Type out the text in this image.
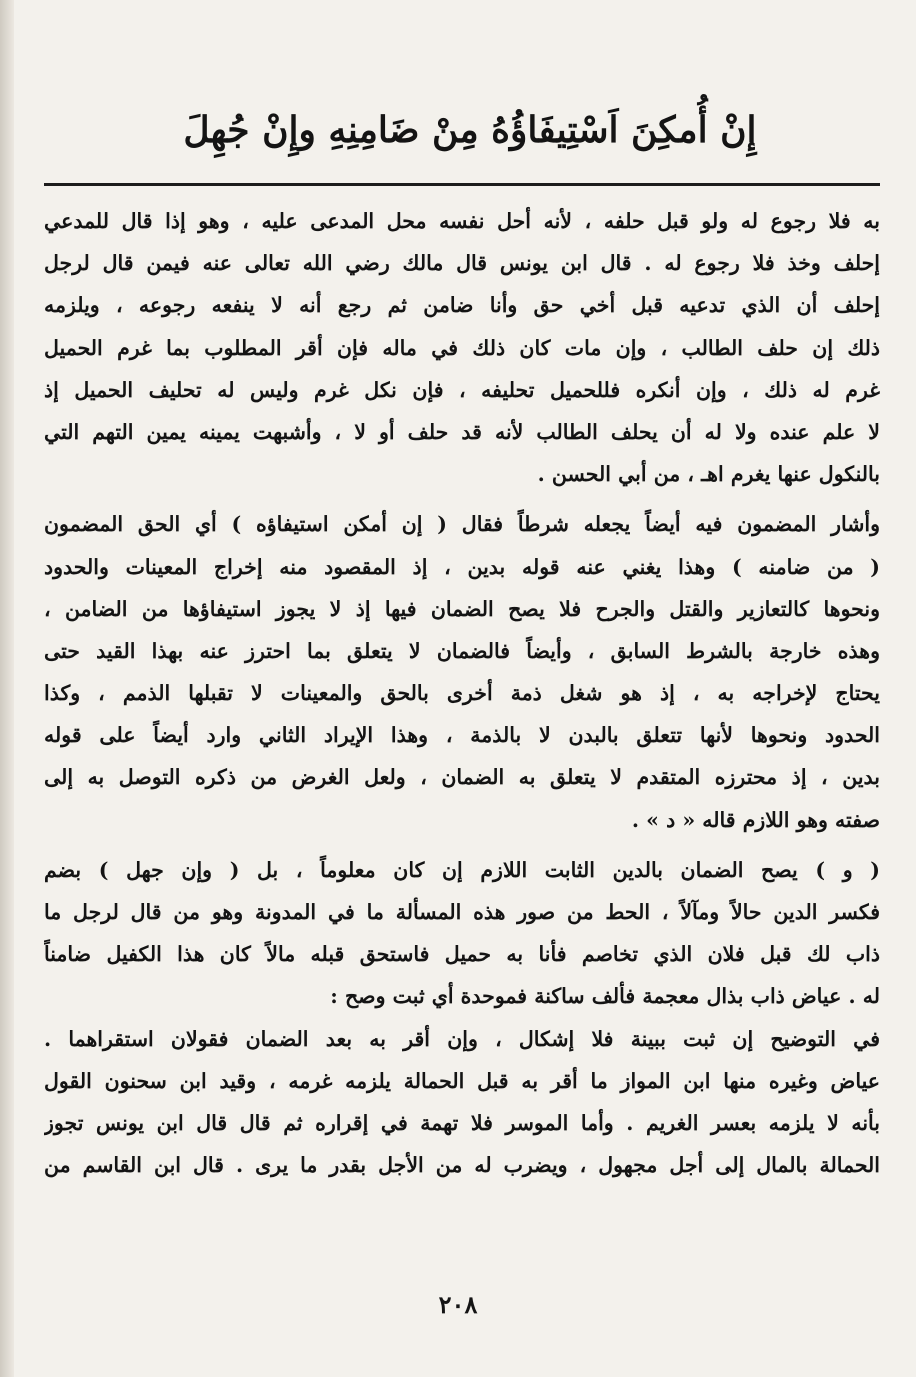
إِنْ أُمكِنَ اَسْتِيفَاؤُهُ مِنْ ضَامِنِهِ وإِنْ جُهِلَ
به فلا رجوع له ولو قبل حلفه ، لأنه أحل نفسه محل المدعى عليه ، وهو إذا قال للمدعي
إحلف وخذ فلا رجوع له . قال ابن يونس قال مالك رضي الله تعالى عنه فيمن قال لرجل
إحلف أن الذي تدعيه قبل أخي حق وأنا ضامن ثم رجع أنه لا ينفعه رجوعه ، ويلزمه
ذلك إن حلف الطالب ، وإن مات كان ذلك في ماله فإن أقر المطلوب بما غرم الحميل
غرم له ذلك ، وإن أنكره فللحميل تحليفه ، فإن نكل غرم وليس له تحليف الحميل إذ
لا علم عنده ولا له أن يحلف الطالب لأنه قد حلف أو لا ، وأشبهت يمينه يمين التهم التي
بالنكول عنها يغرم اهـ ، من أبي الحسن .
وأشار المضمون فيه أيضاً يجعله شرطاً فقال ( إن أمكن استيفاؤه ) أي الحق المضمون
( من ضامنه ) وهذا يغني عنه قوله بدين ، إذ المقصود منه إخراج المعينات والحدود
ونحوها كالتعازير والقتل والجرح فلا يصح الضمان فيها إذ لا يجوز استيفاؤها من الضامن ،
وهذه خارجة بالشرط السابق ، وأيضاً فالضمان لا يتعلق بما احترز عنه بهذا القيد حتى
يحتاج لإخراجه به ، إذ هو شغل ذمة أخرى بالحق والمعينات لا تقبلها الذمم ، وكذا
الحدود ونحوها لأنها تتعلق بالبدن لا بالذمة ، وهذا الإيراد الثاني وارد أيضاً على قوله
بدين ، إذ محترزه المتقدم لا يتعلق به الضمان ، ولعل الغرض من ذكره التوصل به إلى
صفته وهو اللازم قاله « د » .
( و ) يصح الضمان بالدين الثابت اللازم إن كان معلوماً ، بل ( وإن جهل ) بضم
فكسر الدين حالاً ومآلاً ، الحط من صور هذه المسألة ما في المدونة وهو من قال لرجل ما
ذاب لك قبل فلان الذي تخاصم فأنا به حميل فاستحق قبله مالاً كان هذا الكفيل ضامناً
له . عياض ذاب بذال معجمة فألف ساكنة فموحدة أي ثبت وصح :
في التوضيح إن ثبت ببينة فلا إشكال ، وإن أقر به بعد الضمان فقولان استقراهما .
عياض وغيره منها ابن المواز ما أقر به قبل الحمالة يلزمه غرمه ، وقيد ابن سحنون القول
بأنه لا يلزمه بعسر الغريم . وأما الموسر فلا تهمة في إقراره ثم قال قال ابن يونس تجوز
الحمالة بالمال إلى أجل مجهول ، ويضرب له من الأجل بقدر ما يرى . قال ابن القاسم من
٢٠٨
